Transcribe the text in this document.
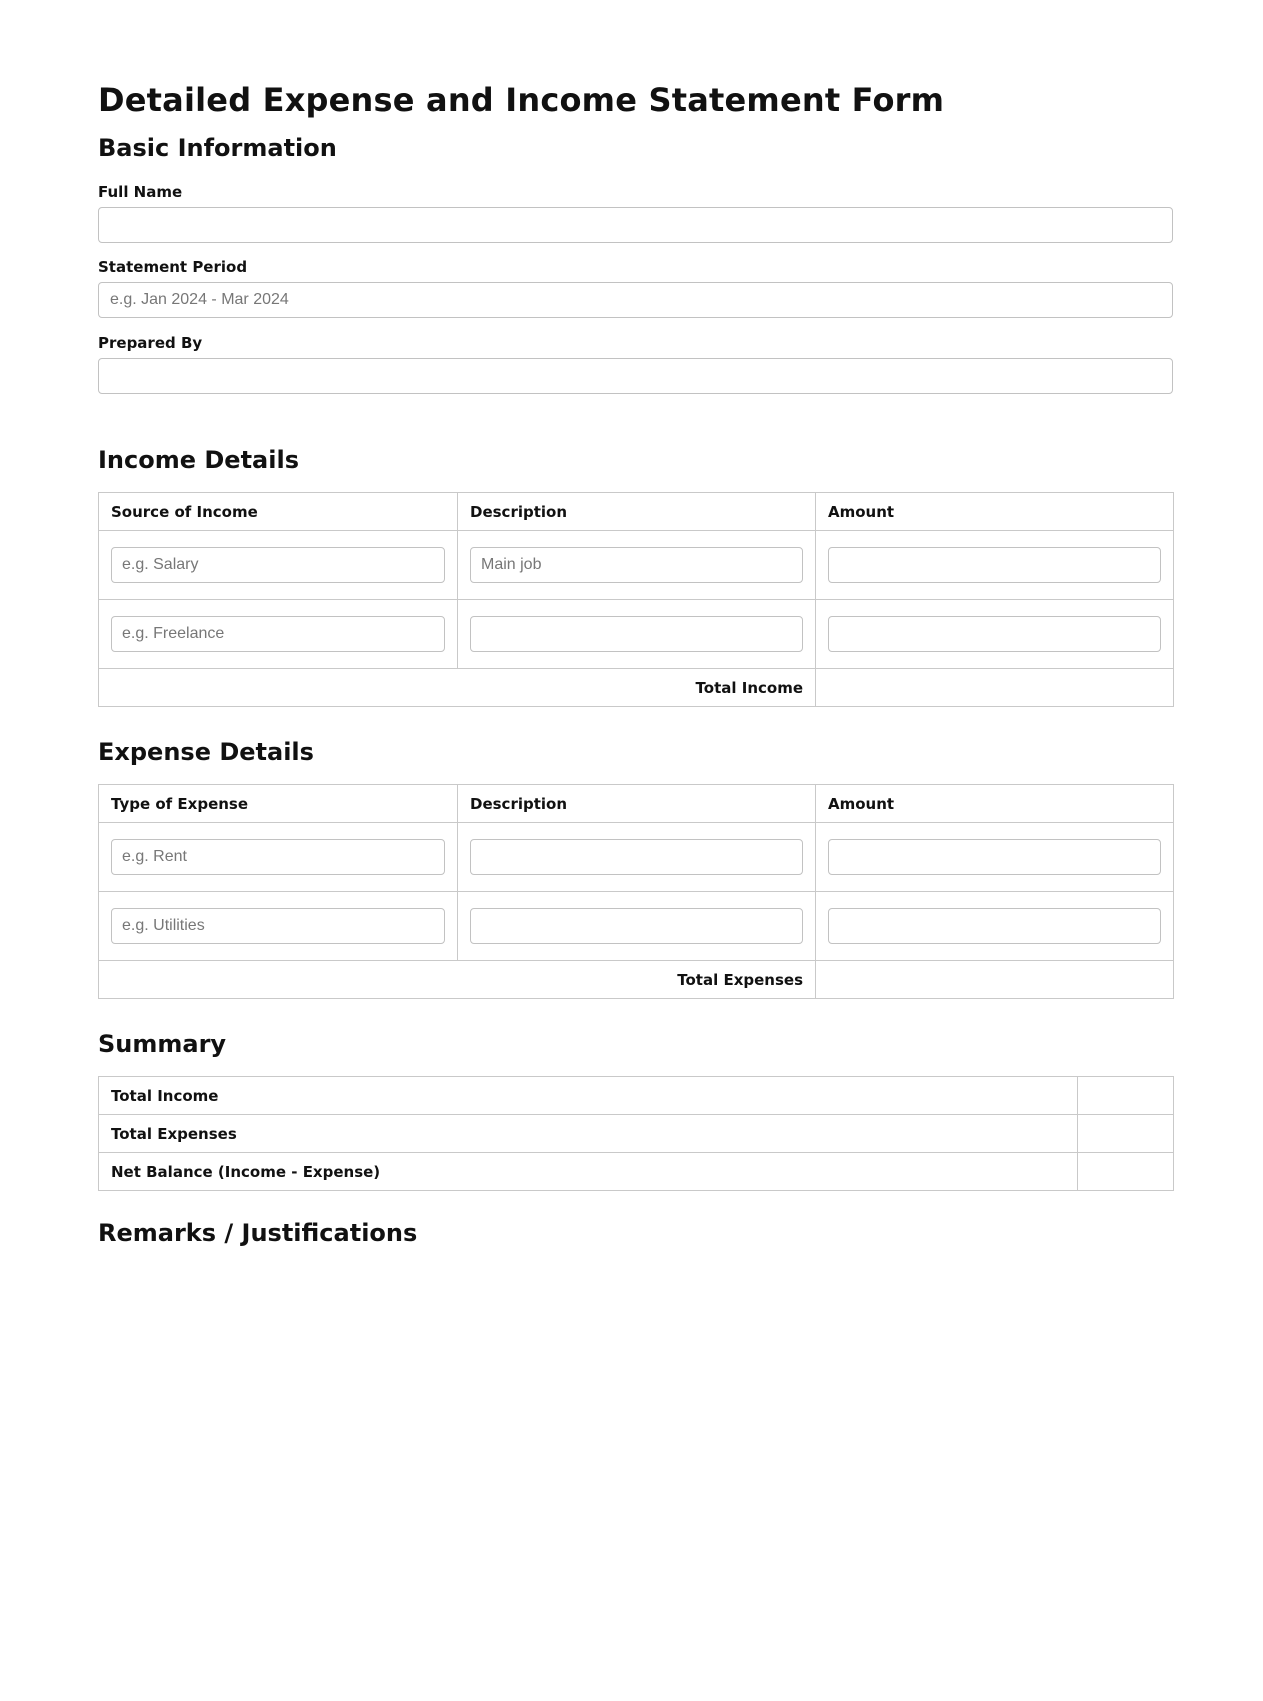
Detailed Expense and Income Statement Form
Basic Information
Full Name
Statement Period
e.g. Jan 2024 - Mar 2024
Prepared By
Income Details
Source of Income	Description	Amount
e.g. Salary	Main job	
e.g. Freelance		
Total Income		
Expense Details
Type of Expense	Description	Amount
e.g. Rent		
e.g. Utilities		
Total Expenses		
Summary
Total Income	
Total Expenses	
Net Balance (Income - Expense)	
Remarks / Justifications
